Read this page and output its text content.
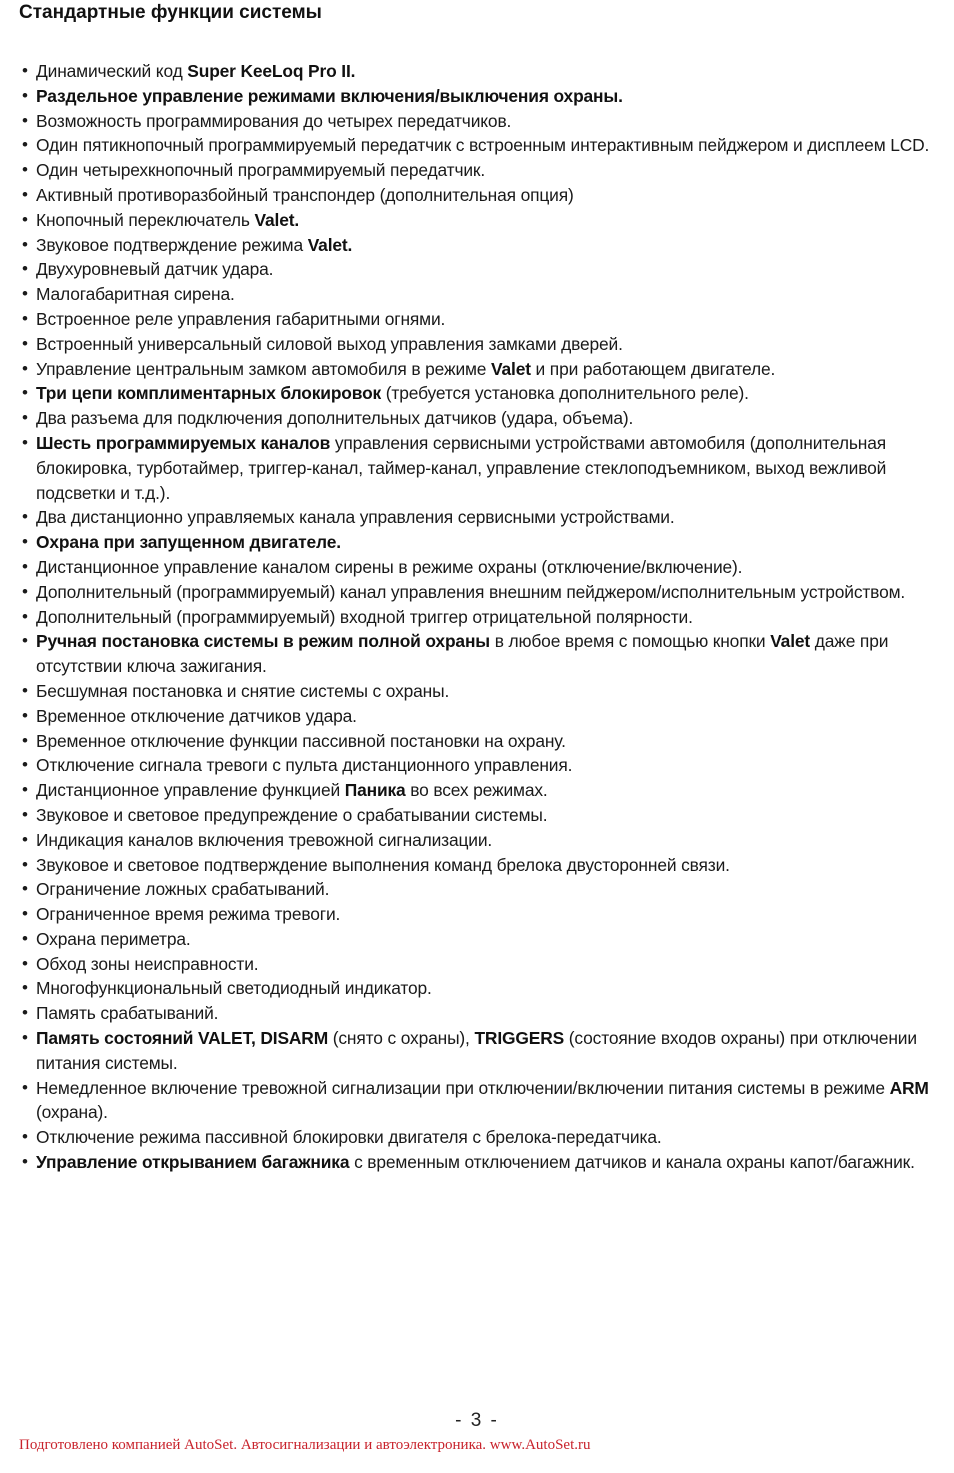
Стандартные функции системы
• Динамический код Super KeeLoq Pro II.
• Раздельное управление режимами включения/выключения охраны.
• Возможность программирования до четырех передатчиков.
• Один пятикнопочный программируемый передатчик с встроенным интерактивным пейджером и дисплеем LCD.
• Один четырехкнопочный программируемый передатчик.
• Активный противоразбойный транспондер (дополнительная опция)
• Кнопочный переключатель Valet.
• Звуковое подтверждение режима Valet.
• Двухуровневый датчик удара.
• Малогабаритная сирена.
• Встроенное реле управления габаритными огнями.
• Встроенный универсальный силовой выход управления замками дверей.
• Управление центральным замком автомобиля в режиме Valet и при работающем двигателе.
• Три цепи комплиментарных блокировок (требуется установка дополнительного реле).
• Два разъема для подключения дополнительных датчиков (удара, объема).
• Шесть программируемых каналов управления сервисными устройствами автомобиля (дополнительная блокировка, турботаймер, триггер-канал, таймер-канал, управление стеклоподъемником, выход вежливой подсветки и т.д.).
• Два дистанционно управляемых канала управления сервисными устройствами.
• Охрана при запущенном двигателе.
• Дистанционное управление каналом сирены в режиме охраны (отключение/включение).
• Дополнительный (программируемый) канал управления внешним пейджером/исполнительным устройством.
• Дополнительный (программируемый) входной триггер отрицательной полярности.
• Ручная постановка системы в режим полной охраны в любое время с помощью кнопки Valet даже при отсутствии ключа зажигания.
• Бесшумная постановка и снятие системы с охраны.
• Временное отключение датчиков удара.
• Временное отключение функции пассивной постановки на охрану.
• Отключение сигнала тревоги с пульта дистанционного управления.
• Дистанционное управление функцией Паника во всех режимах.
• Звуковое и световое предупреждение о срабатывании системы.
• Индикация каналов включения тревожной сигнализации.
• Звуковое и световое подтверждение выполнения команд брелока двусторонней связи.
• Ограничение ложных срабатываний.
• Ограниченное время режима тревоги.
• Охрана периметра.
• Обход зоны неисправности.
• Многофункциональный светодиодный индикатор.
• Память срабатываний.
• Память состояний VALET, DISARM (снято с охраны), TRIGGERS (состояние входов охраны) при отключении питания системы.
• Немедленное включение тревожной сигнализации при отключении/включении питания системы в режиме ARM (охрана).
• Отключение режима пассивной блокировки двигателя с брелока-передатчика.
• Управление открыванием багажника с временным отключением датчиков и канала охраны капот/багажник.
- 3 -
Подготовлено компанией AutoSet. Автосигнализации и автоэлектроника. www.AutoSet.ru
